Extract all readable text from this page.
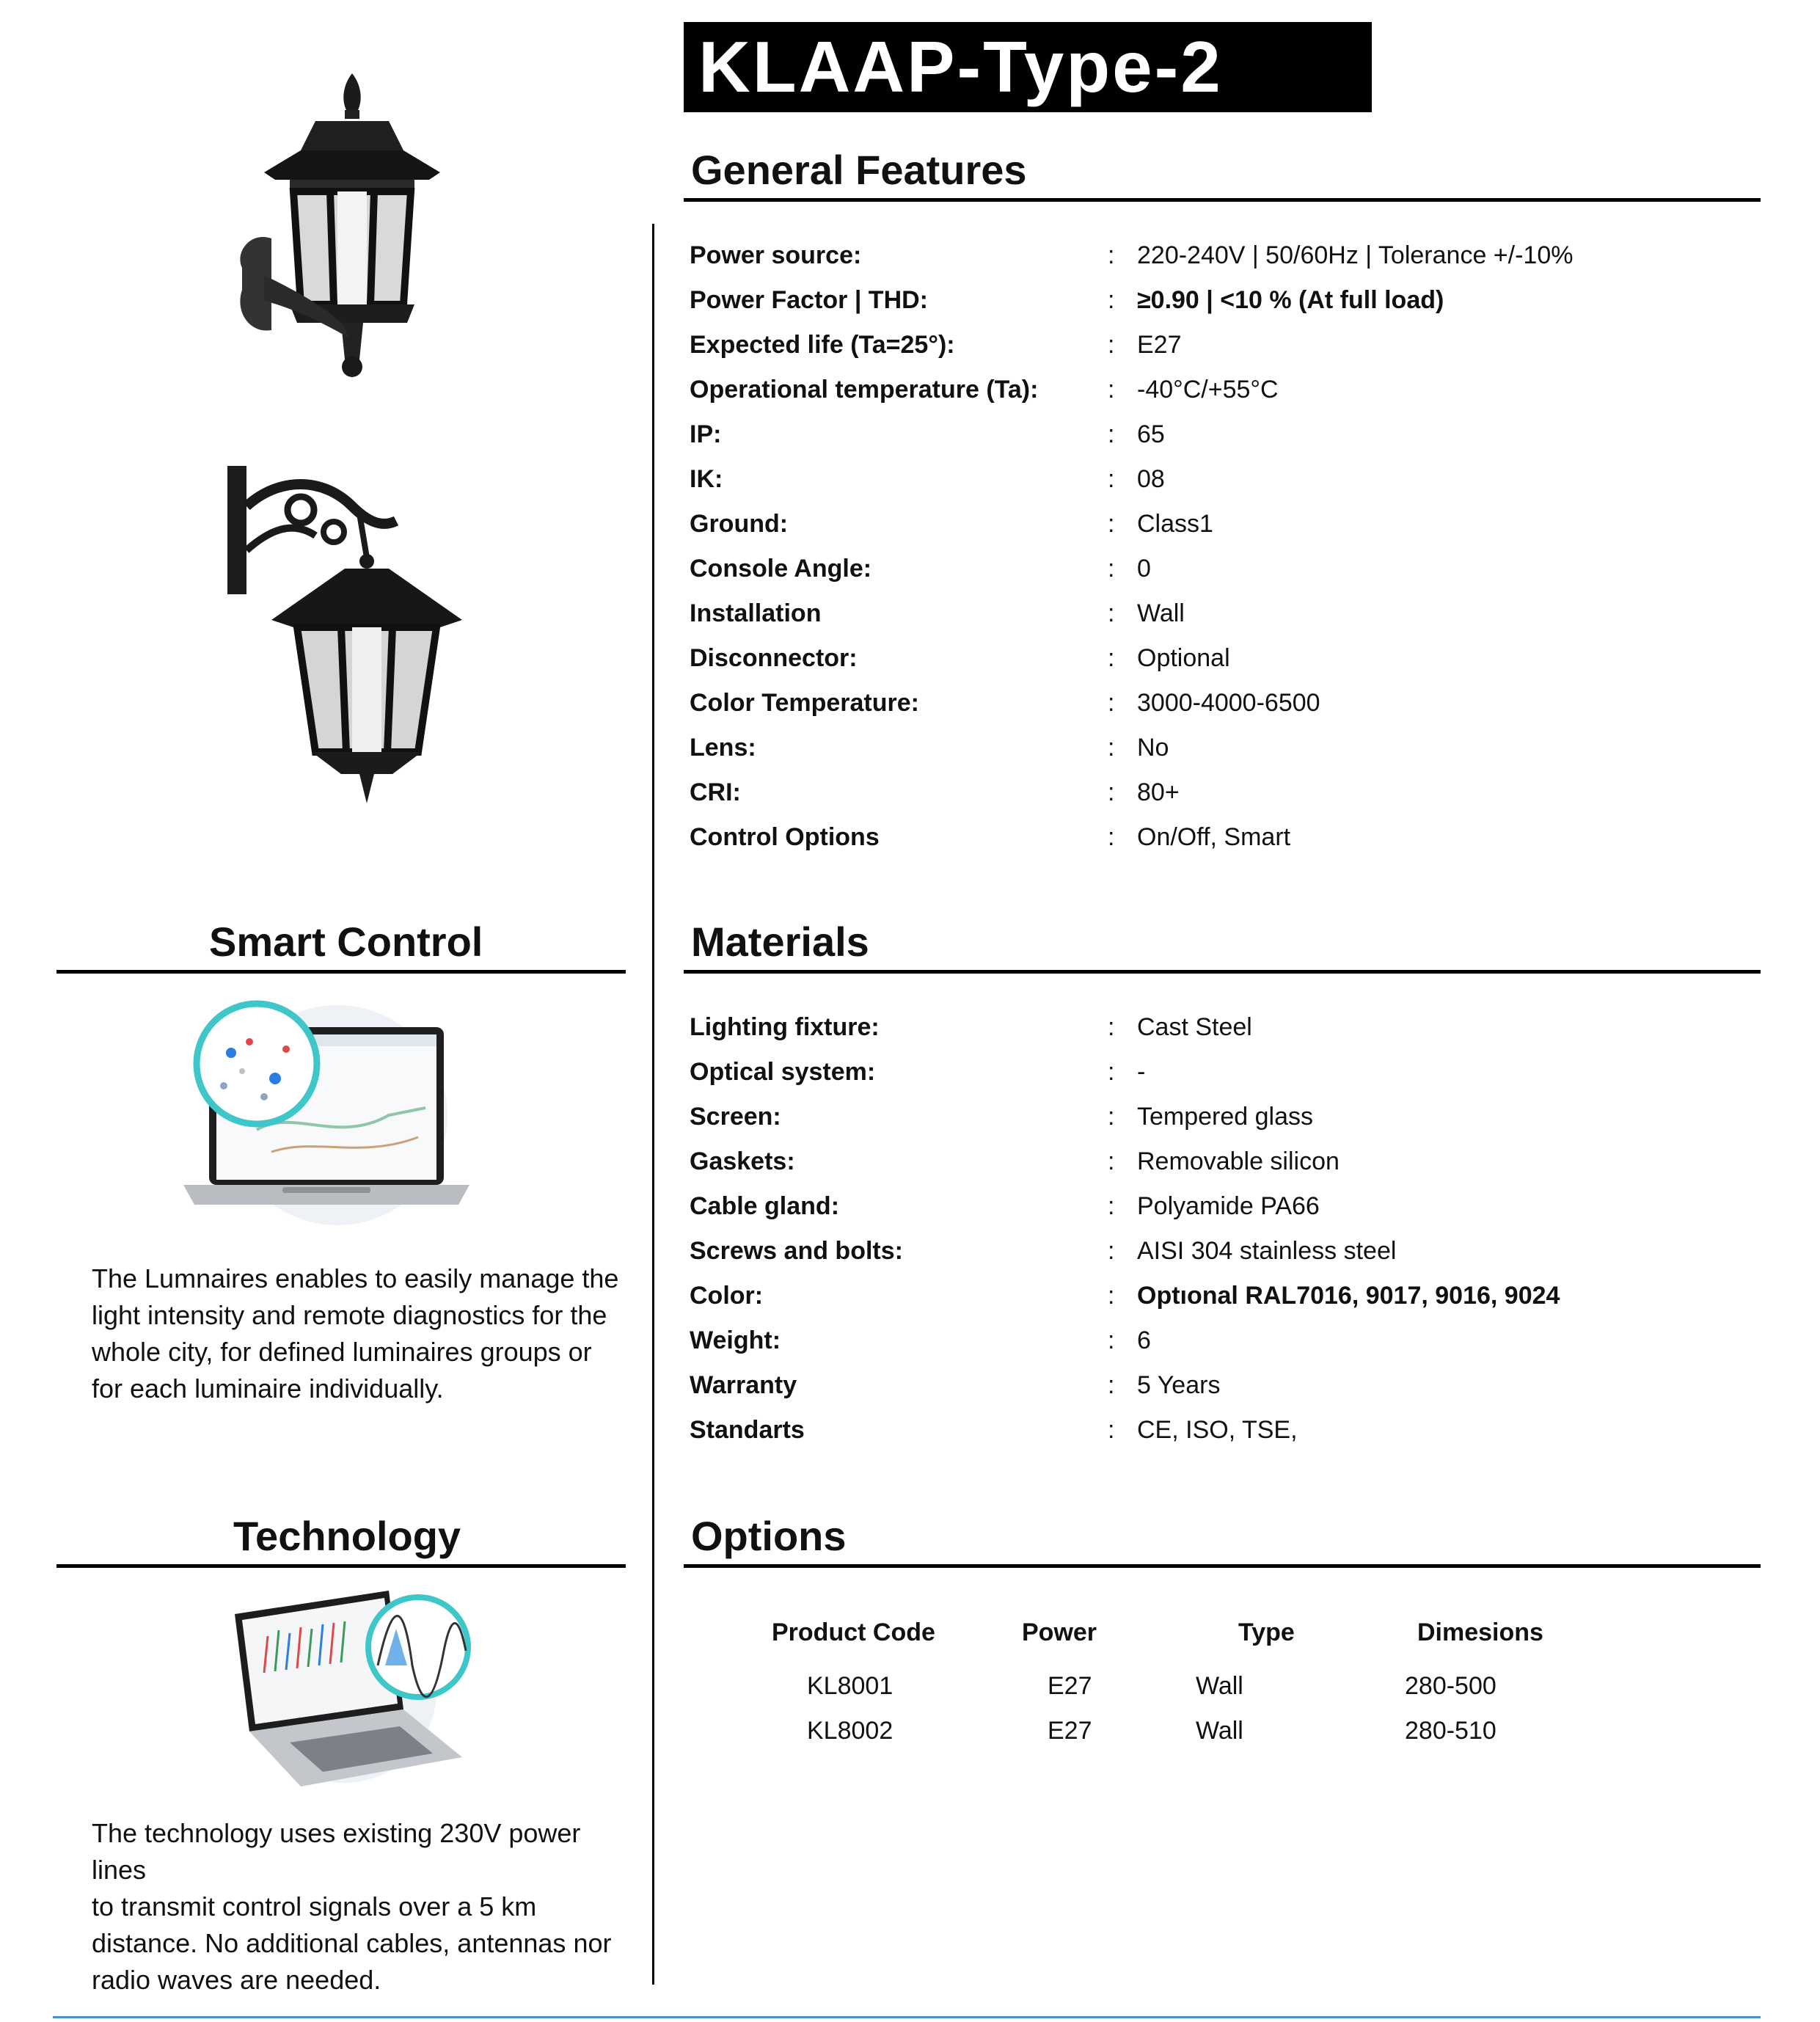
KLAAP-Type-2
General Features
Materials
Options
Smart Control
Technology
Power source:	: 220-240V | 50/60Hz | Tolerance +/-10%
Power Factor | THD:	: ≥0.90 | <10 % (At full load)
Expected life (Ta=25°):	: E27
Operational temperature (Ta):	: -40°C/+55°C
IP:	: 65
IK:	: 08
Ground:	: Class1
Console Angle:	: 0
Installation	: Wall
Disconnector:	: Optional
Color Temperature:	: 3000-4000-6500
Lens:	: No
CRI:	: 80+
Control Options	: On/Off, Smart
Lighting fixture:	: Cast Steel
Optical system:	: -
Screen:	: Tempered glass
Gaskets:	: Removable silicon
Cable gland:	: Polyamide PA66
Screws and bolts:	: AISI 304 stainless steel
Color:	: Optıonal RAL7016, 9017, 9016, 9024
Weight:	: 6
Warranty	: 5 Years
Standarts	: CE, ISO, TSE,
Product Code	Power	Type	Dimesions
KL8001	E27	Wall	280-500
KL8002	E27	Wall	280-510
The Lumnaires enables to easily manage the
light intensity and remote diagnostics for the
whole city, for defined luminaires groups or
for each luminaire individually.
The technology uses existing 230V power lines
to transmit control signals over a 5 km
distance. No additional cables, antennas nor
radio waves are needed.
